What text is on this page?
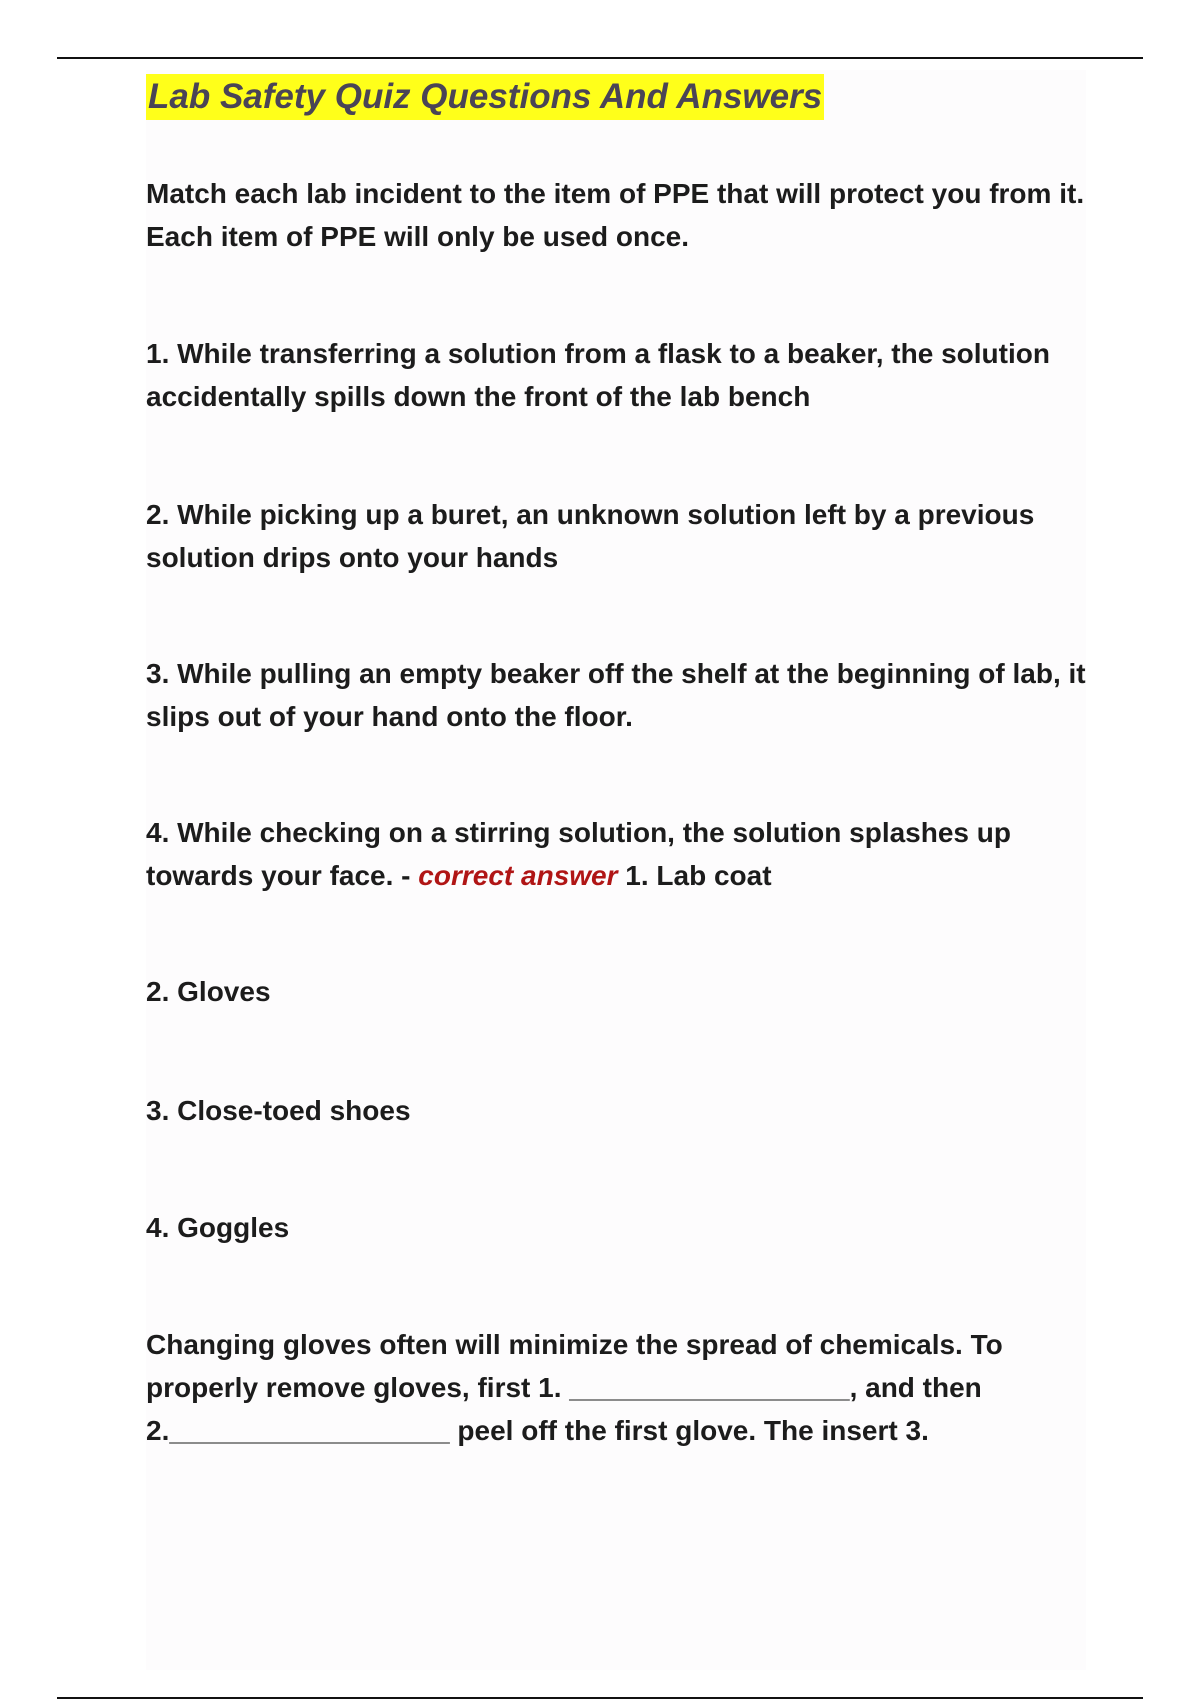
Lab Safety Quiz Questions And Answers

Match each lab incident to the item of PPE that will protect you from it. Each item of PPE will only be used once.

1. While transferring a solution from a flask to a beaker, the solution accidentally spills down the front of the lab bench

2. While picking up a buret, an unknown solution left by a previous solution drips onto your hands

3. While pulling an empty beaker off the shelf at the beginning of lab, it slips out of your hand onto the floor.

4. While checking on a stirring solution, the solution splashes up towards your face. - correct answer 1. Lab coat

2. Gloves

3. Close-toed shoes

4. Goggles

Changing gloves often will minimize the spread of chemicals. To properly remove gloves, first 1. __________________, and then 2.__________________ peel off the first glove. The insert 3.
